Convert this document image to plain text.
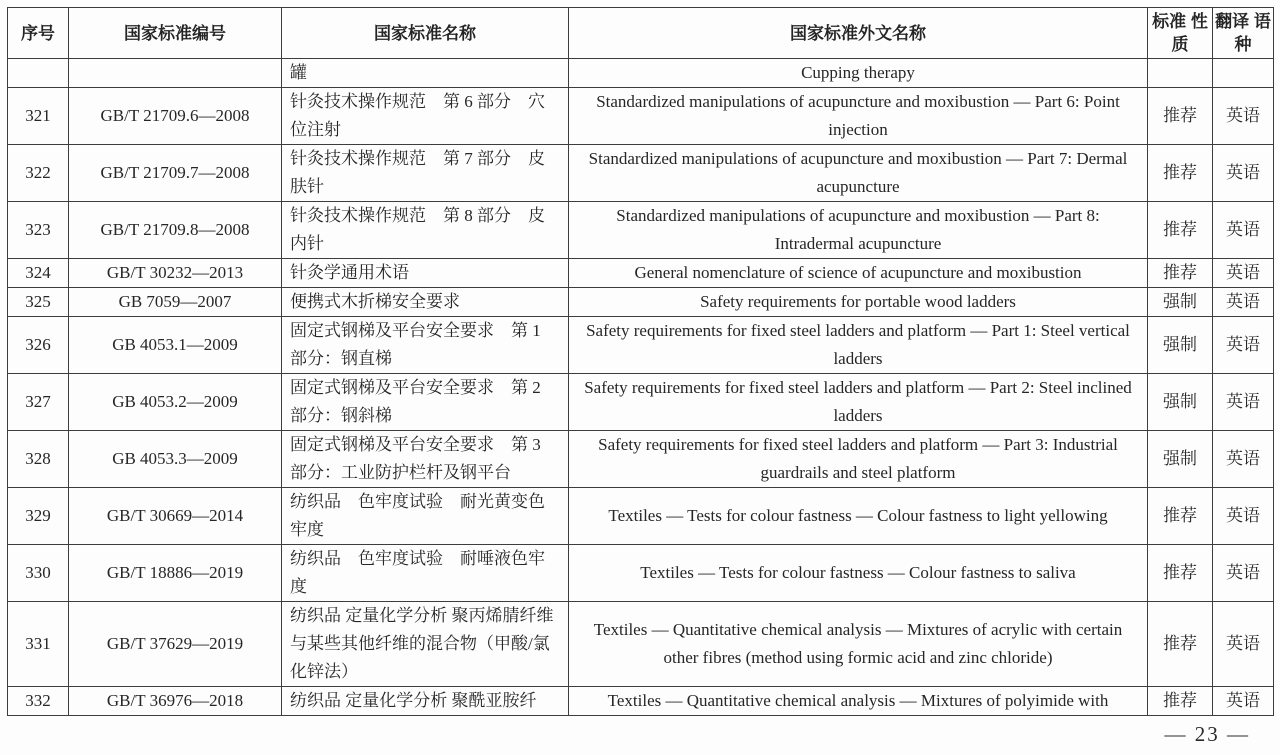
序号	国家标准编号	国家标准名称	国家标准外文名称	标准 性质	翻译 语种
		罐	Cupping therapy		
321	GB/T 21709.6—2008	针灸技术操作规范　第 6 部分　穴位注射	Standardized manipulations of acupuncture and moxibustion — Part 6: Point injection	推荐	英语
322	GB/T 21709.7—2008	针灸技术操作规范　第 7 部分　皮肤针	Standardized manipulations of acupuncture and moxibustion — Part 7: Dermal acupuncture	推荐	英语
323	GB/T 21709.8—2008	针灸技术操作规范　第 8 部分　皮内针	Standardized manipulations of acupuncture and moxibustion — Part 8: Intradermal acupuncture	推荐	英语
324	GB/T 30232—2013	针灸学通用术语	General nomenclature of science of acupuncture and moxibustion	推荐	英语
325	GB 7059—2007	便携式木折梯安全要求	Safety requirements for portable wood ladders	强制	英语
326	GB 4053.1—2009	固定式钢梯及平台安全要求　第 1 部分：钢直梯	Safety requirements for fixed steel ladders and platform — Part 1: Steel vertical ladders	强制	英语
327	GB 4053.2—2009	固定式钢梯及平台安全要求　第 2 部分：钢斜梯	Safety requirements for fixed steel ladders and platform — Part 2: Steel inclined ladders	强制	英语
328	GB 4053.3—2009	固定式钢梯及平台安全要求　第 3 部分：工业防护栏杆及钢平台	Safety requirements for fixed steel ladders and platform — Part 3: Industrial guardrails and steel platform	强制	英语
329	GB/T 30669—2014	纺织品　色牢度试验　耐光黄变色牢度	Textiles — Tests for colour fastness — Colour fastness to light yellowing	推荐	英语
330	GB/T 18886—2019	纺织品　色牢度试验　耐唾液色牢度	Textiles — Tests for colour fastness — Colour fastness to saliva	推荐	英语
331	GB/T 37629—2019	纺织品 定量化学分析 聚丙烯腈纤维与某些其他纤维的混合物（甲酸/氯化锌法）	Textiles — Quantitative chemical analysis — Mixtures of acrylic with certain other fibres (method using formic acid and zinc chloride)	推荐	英语
332	GB/T 36976—2018	纺织品 定量化学分析 聚酰亚胺纤	Textiles — Quantitative chemical analysis — Mixtures of polyimide with	推荐	英语
— 23 —
